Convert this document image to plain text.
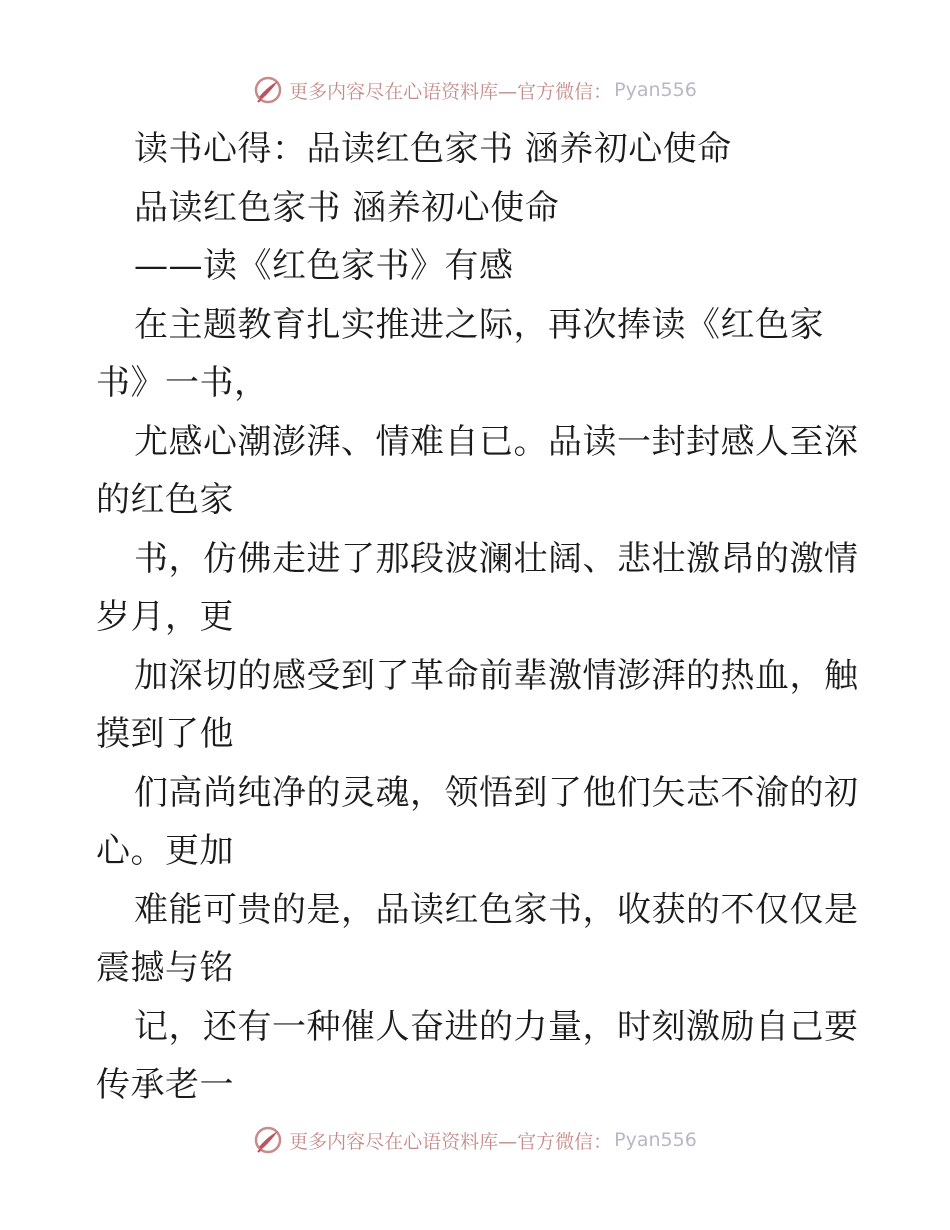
更多内容尽在心语资料库—官方微信： Pyan556
读书心得：品读红色家书 涵养初心使命
品读红色家书 涵养初心使命
——读《红色家书》有感
在主题教育扎实推进之际，再次捧读《红色家
书》一书，
尤感心潮澎湃、情难自已。品读一封封感人至深
的红色家
书，仿佛走进了那段波澜壮阔、悲壮激昂的激情
岁月，更
加深切的感受到了革命前辈激情澎湃的热血，触
摸到了他
们高尚纯净的灵魂，领悟到了他们矢志不渝的初
心。更加
难能可贵的是，品读红色家书，收获的不仅仅是
震撼与铭
记，还有一种催人奋进的力量，时刻激励自己要
传承老一
更多内容尽在心语资料库—官方微信： Pyan556
